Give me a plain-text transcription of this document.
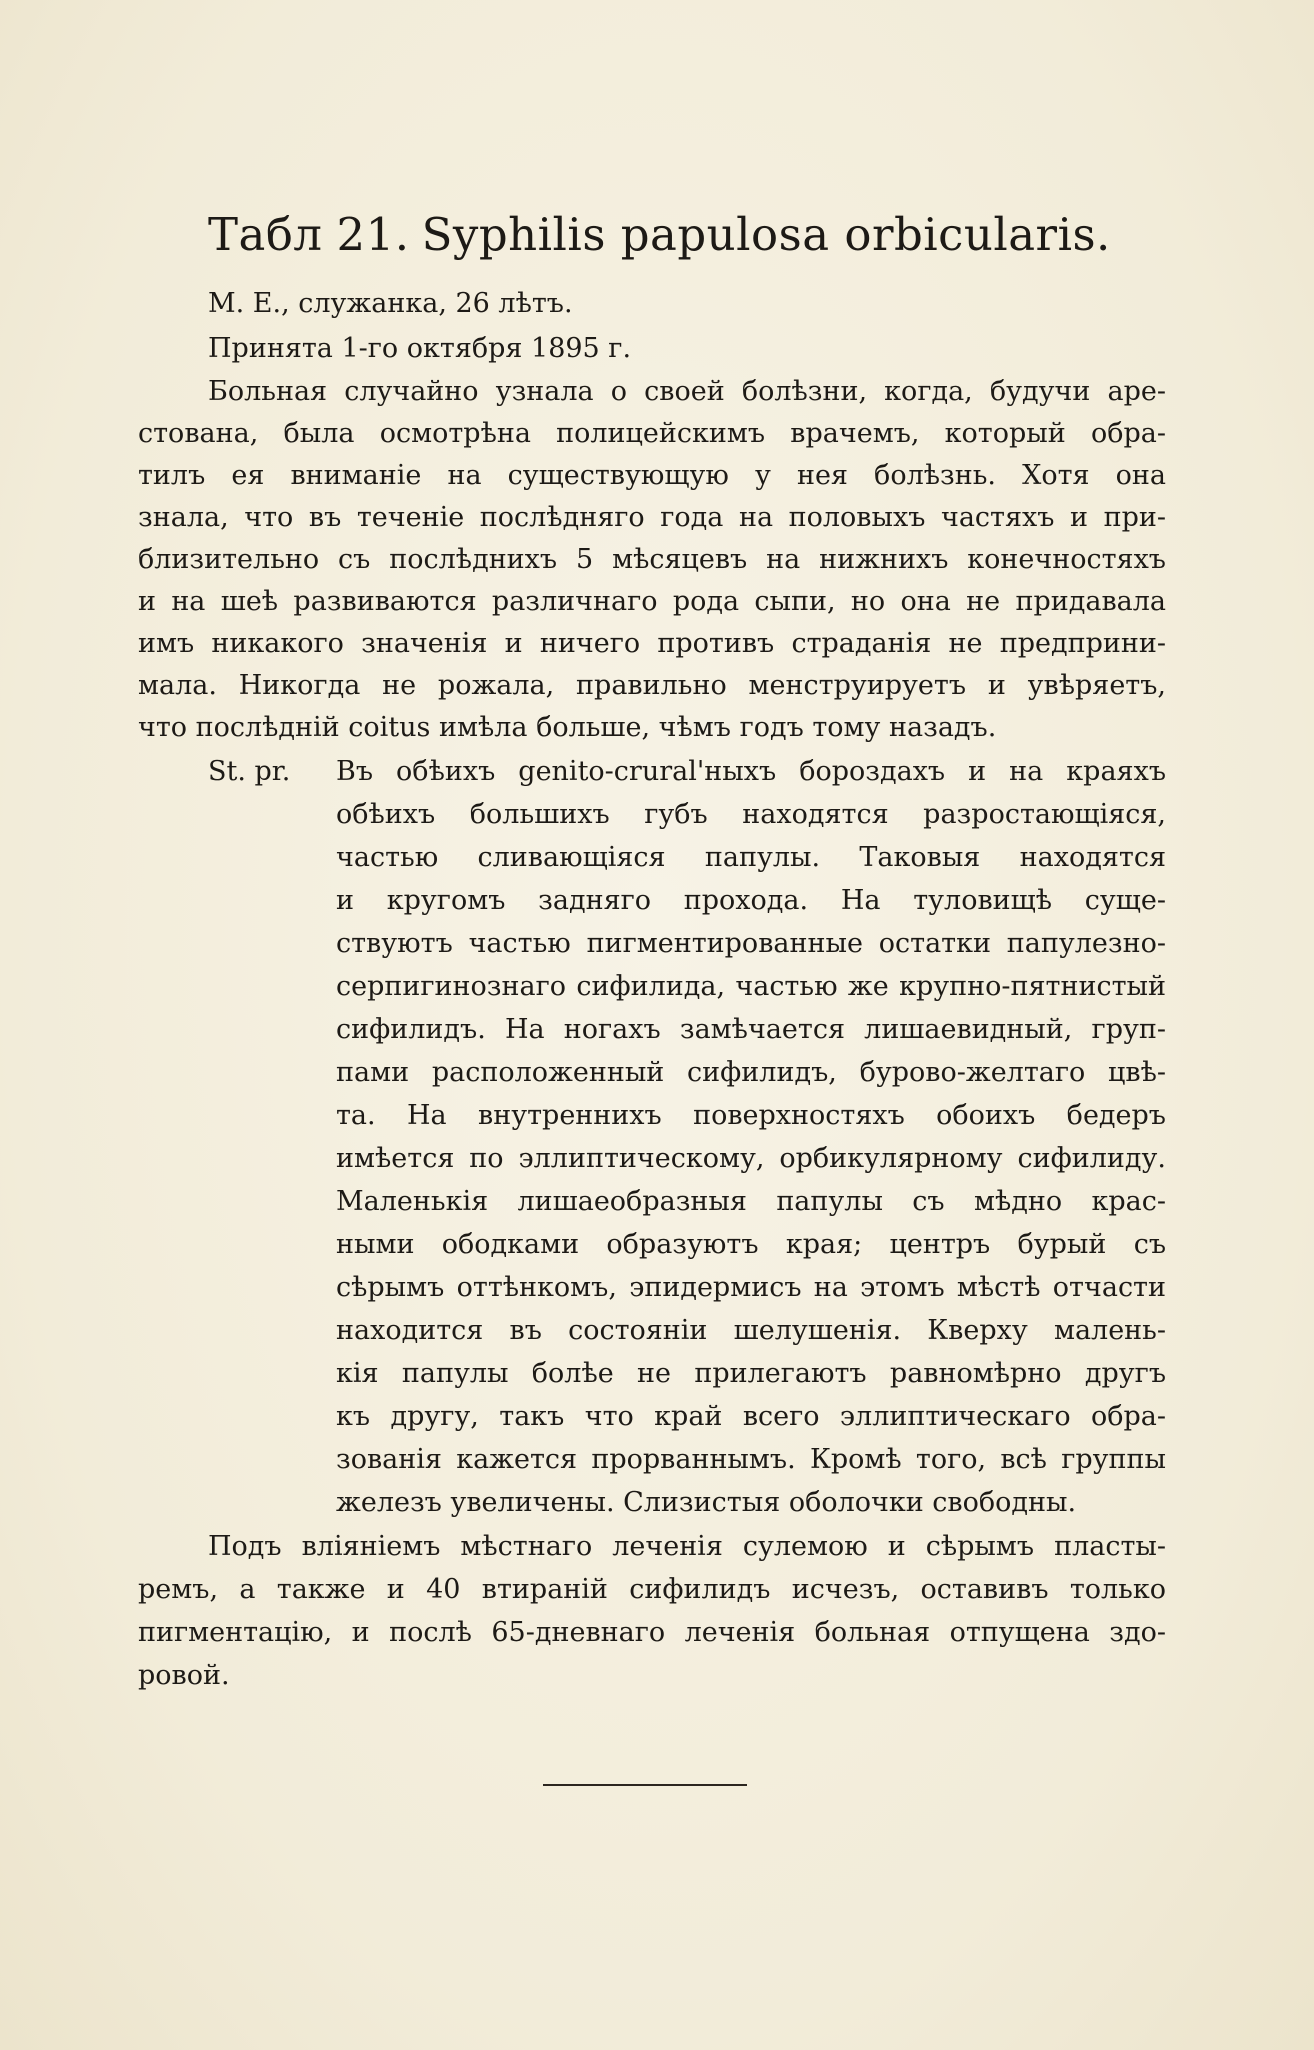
Табл 21. Syphilis papulosa orbicularis.
М. Е., служанка, 26 лѣтъ.
Принята 1-го октября 1895 г.
Больная случайно узнала о своей болѣзни, когда, будучи аре-
стована, была осмотрѣна полицейскимъ врачемъ, который обра-
тилъ ея вниманіе на существующую у нея болѣзнь. Хотя она
знала, что въ теченіе послѣдняго года на половыхъ частяхъ и при-
близительно съ послѣднихъ 5 мѣсяцевъ на нижнихъ конечностяхъ
и на шеѣ развиваются различнаго рода сыпи, но она не придавала
имъ никакого значенія и ничего противъ страданія не предприни-
мала. Никогда не рожала, правильно менструируетъ и увѣряетъ,
что послѣдній coitus имѣла больше, чѣмъ годъ тому назадъ.
St. pr. Въ обѣихъ genito-crural'ныхъ бороздахъ и на краяхъ
обѣихъ большихъ губъ находятся разростающіяся,
частью сливающіяся папулы. Таковыя находятся
и кругомъ задняго прохода. На туловищѣ суще-
ствуютъ частью пигментированные остатки папулезно-
серпигинознаго сифилида, частью же крупно-пятнистый
сифилидъ. На ногахъ замѣчается лишаевидный, груп-
пами расположенный сифилидъ, бурово-желтаго цвѣ-
та. На внутреннихъ поверхностяхъ обоихъ бедеръ
имѣется по эллиптическому, орбикулярному сифилиду.
Маленькія лишаеобразныя папулы съ мѣдно крас-
ными ободками образуютъ края; центръ бурый съ
сѣрымъ оттѣнкомъ, эпидермисъ на этомъ мѣстѣ отчасти
находится въ состояніи шелушенія. Кверху малень-
кія папулы болѣе не прилегаютъ равномѣрно другъ
къ другу, такъ что край всего эллиптическаго обра-
зованія кажется прорваннымъ. Кромѣ того, всѣ группы
железъ увеличены. Слизистыя оболочки свободны.
Подъ вліяніемъ мѣстнаго леченія сулемою и сѣрымъ пласты-
ремъ, а также и 40 втираній сифилидъ исчезъ, оставивъ только
пигментацію, и послѣ 65-дневнаго леченія больная отпущена здо-
ровой.
